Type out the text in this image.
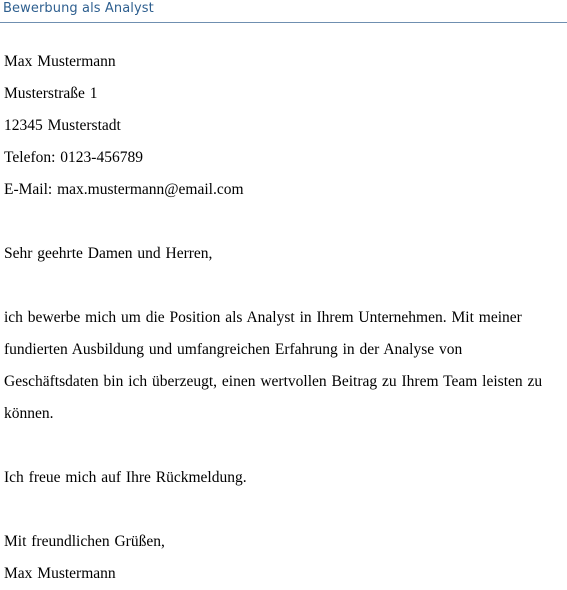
Bewerbung als Analyst
Max Mustermann
Musterstraße 1
12345 Musterstadt
Telefon: 0123-456789
E-Mail: max.mustermann@email.com
Sehr geehrte Damen und Herren,
ich bewerbe mich um die Position als Analyst in Ihrem Unternehmen. Mit meiner
fundierten Ausbildung und umfangreichen Erfahrung in der Analyse von
Geschäftsdaten bin ich überzeugt, einen wertvollen Beitrag zu Ihrem Team leisten zu
können.
Ich freue mich auf Ihre Rückmeldung.
Mit freundlichen Grüßen,
Max Mustermann
